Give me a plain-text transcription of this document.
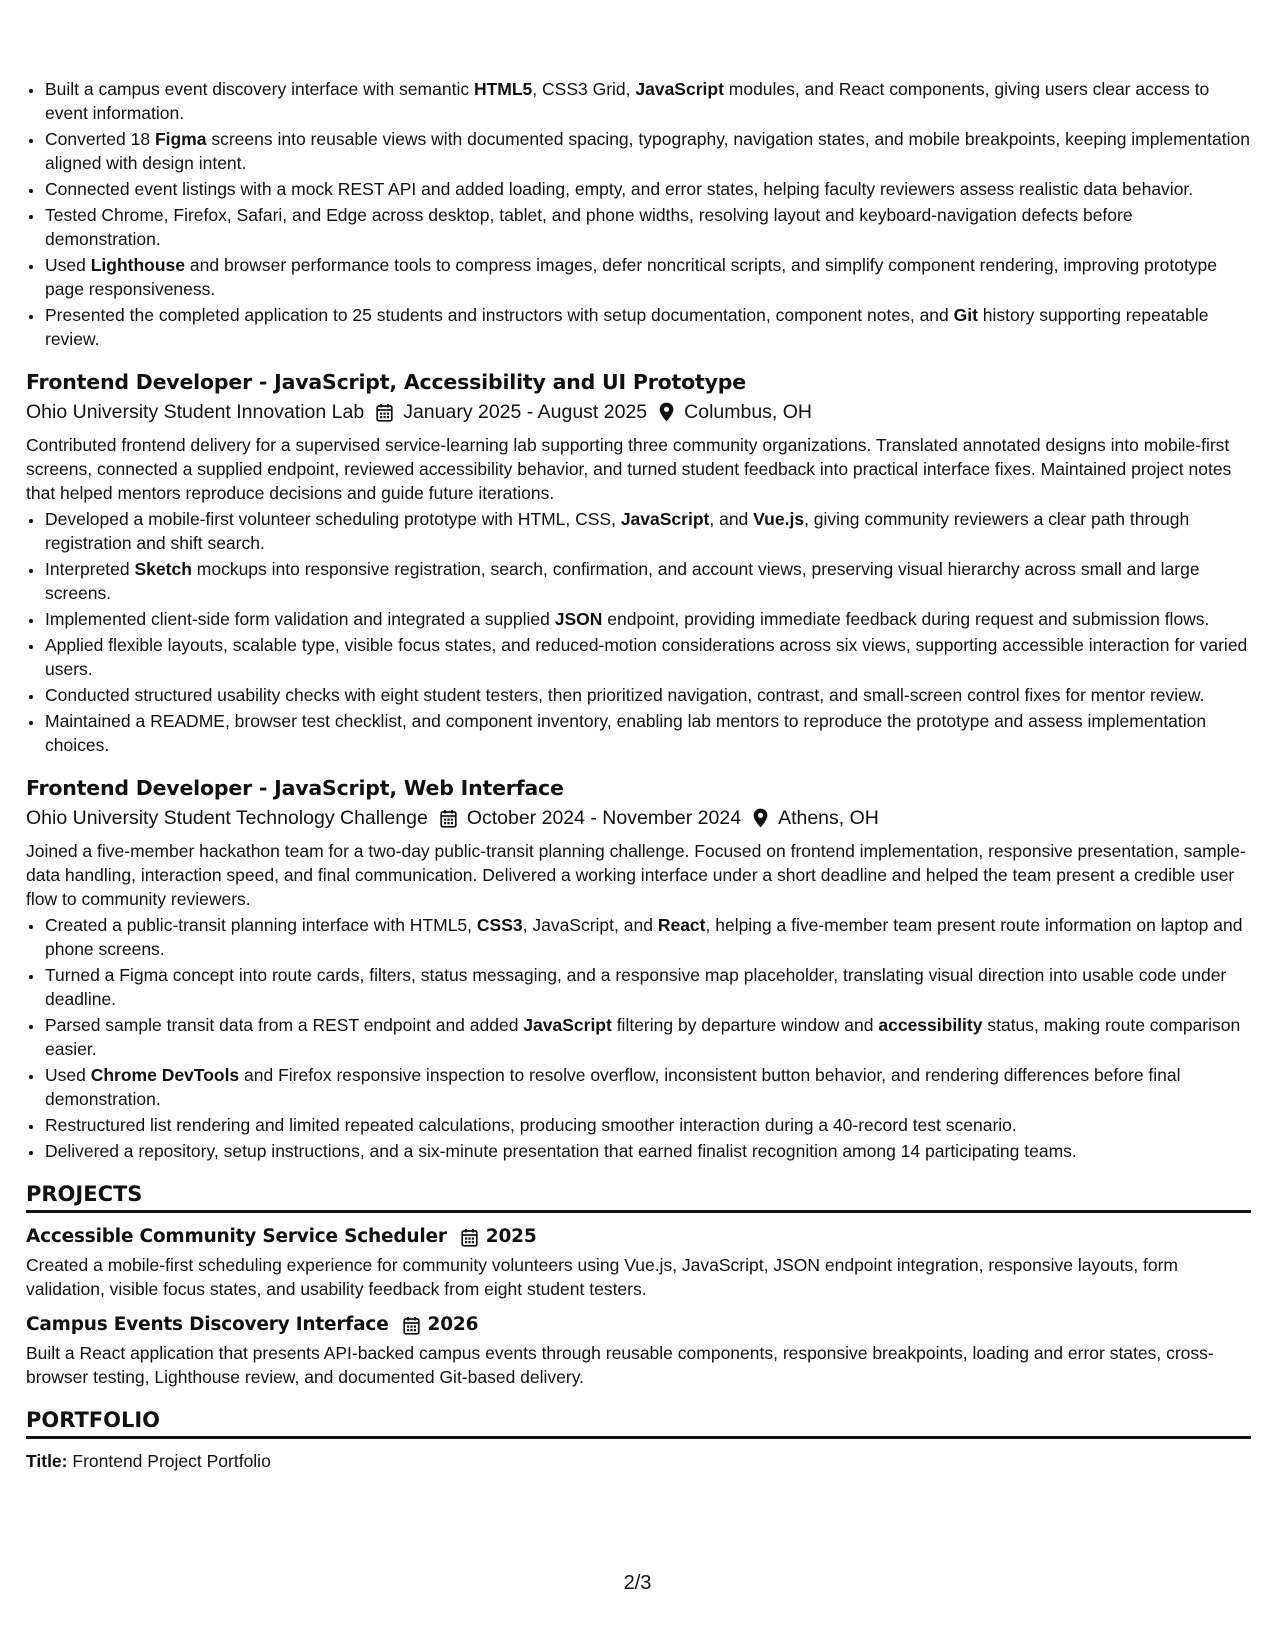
• Built a campus event discovery interface with semantic HTML5, CSS3 Grid, JavaScript modules, and React components, giving users clear access to event information.
• Converted 18 Figma screens into reusable views with documented spacing, typography, navigation states, and mobile breakpoints, keeping implementation aligned with design intent.
• Connected event listings with a mock REST API and added loading, empty, and error states, helping faculty reviewers assess realistic data behavior.
• Tested Chrome, Firefox, Safari, and Edge across desktop, tablet, and phone widths, resolving layout and keyboard-navigation defects before demonstration.
• Used Lighthouse and browser performance tools to compress images, defer noncritical scripts, and simplify component rendering, improving prototype page responsiveness.
• Presented the completed application to 25 students and instructors with setup documentation, component notes, and Git history supporting repeatable review.
Frontend Developer - JavaScript, Accessibility and UI Prototype
Ohio University Student Innovation Lab January 2025 - August 2025 Columbus, OH
Contributed frontend delivery for a supervised service-learning lab supporting three community organizations. Translated annotated designs into mobile-first screens, connected a supplied endpoint, reviewed accessibility behavior, and turned student feedback into practical interface fixes. Maintained project notes that helped mentors reproduce decisions and guide future iterations.
• Developed a mobile-first volunteer scheduling prototype with HTML, CSS, JavaScript, and Vue.js, giving community reviewers a clear path through registration and shift search.
• Interpreted Sketch mockups into responsive registration, search, confirmation, and account views, preserving visual hierarchy across small and large screens.
• Implemented client-side form validation and integrated a supplied JSON endpoint, providing immediate feedback during request and submission flows.
• Applied flexible layouts, scalable type, visible focus states, and reduced-motion considerations across six views, supporting accessible interaction for varied users.
• Conducted structured usability checks with eight student testers, then prioritized navigation, contrast, and small-screen control fixes for mentor review.
• Maintained a README, browser test checklist, and component inventory, enabling lab mentors to reproduce the prototype and assess implementation choices.
Frontend Developer - JavaScript, Web Interface
Ohio University Student Technology Challenge October 2024 - November 2024 Athens, OH
Joined a five-member hackathon team for a two-day public-transit planning challenge. Focused on frontend implementation, responsive presentation, sample-data handling, interaction speed, and final communication. Delivered a working interface under a short deadline and helped the team present a credible user flow to community reviewers.
• Created a public-transit planning interface with HTML5, CSS3, JavaScript, and React, helping a five-member team present route information on laptop and phone screens.
• Turned a Figma concept into route cards, filters, status messaging, and a responsive map placeholder, translating visual direction into usable code under deadline.
• Parsed sample transit data from a REST endpoint and added JavaScript filtering by departure window and accessibility status, making route comparison easier.
• Used Chrome DevTools and Firefox responsive inspection to resolve overflow, inconsistent button behavior, and rendering differences before final demonstration.
• Restructured list rendering and limited repeated calculations, producing smoother interaction during a 40-record test scenario.
• Delivered a repository, setup instructions, and a six-minute presentation that earned finalist recognition among 14 participating teams.
PROJECTS
Accessible Community Service Scheduler 2025
Created a mobile-first scheduling experience for community volunteers using Vue.js, JavaScript, JSON endpoint integration, responsive layouts, form validation, visible focus states, and usability feedback from eight student testers.
Campus Events Discovery Interface 2026
Built a React application that presents API-backed campus events through reusable components, responsive breakpoints, loading and error states, cross-browser testing, Lighthouse review, and documented Git-based delivery.
PORTFOLIO
Title: Frontend Project Portfolio
2/3
